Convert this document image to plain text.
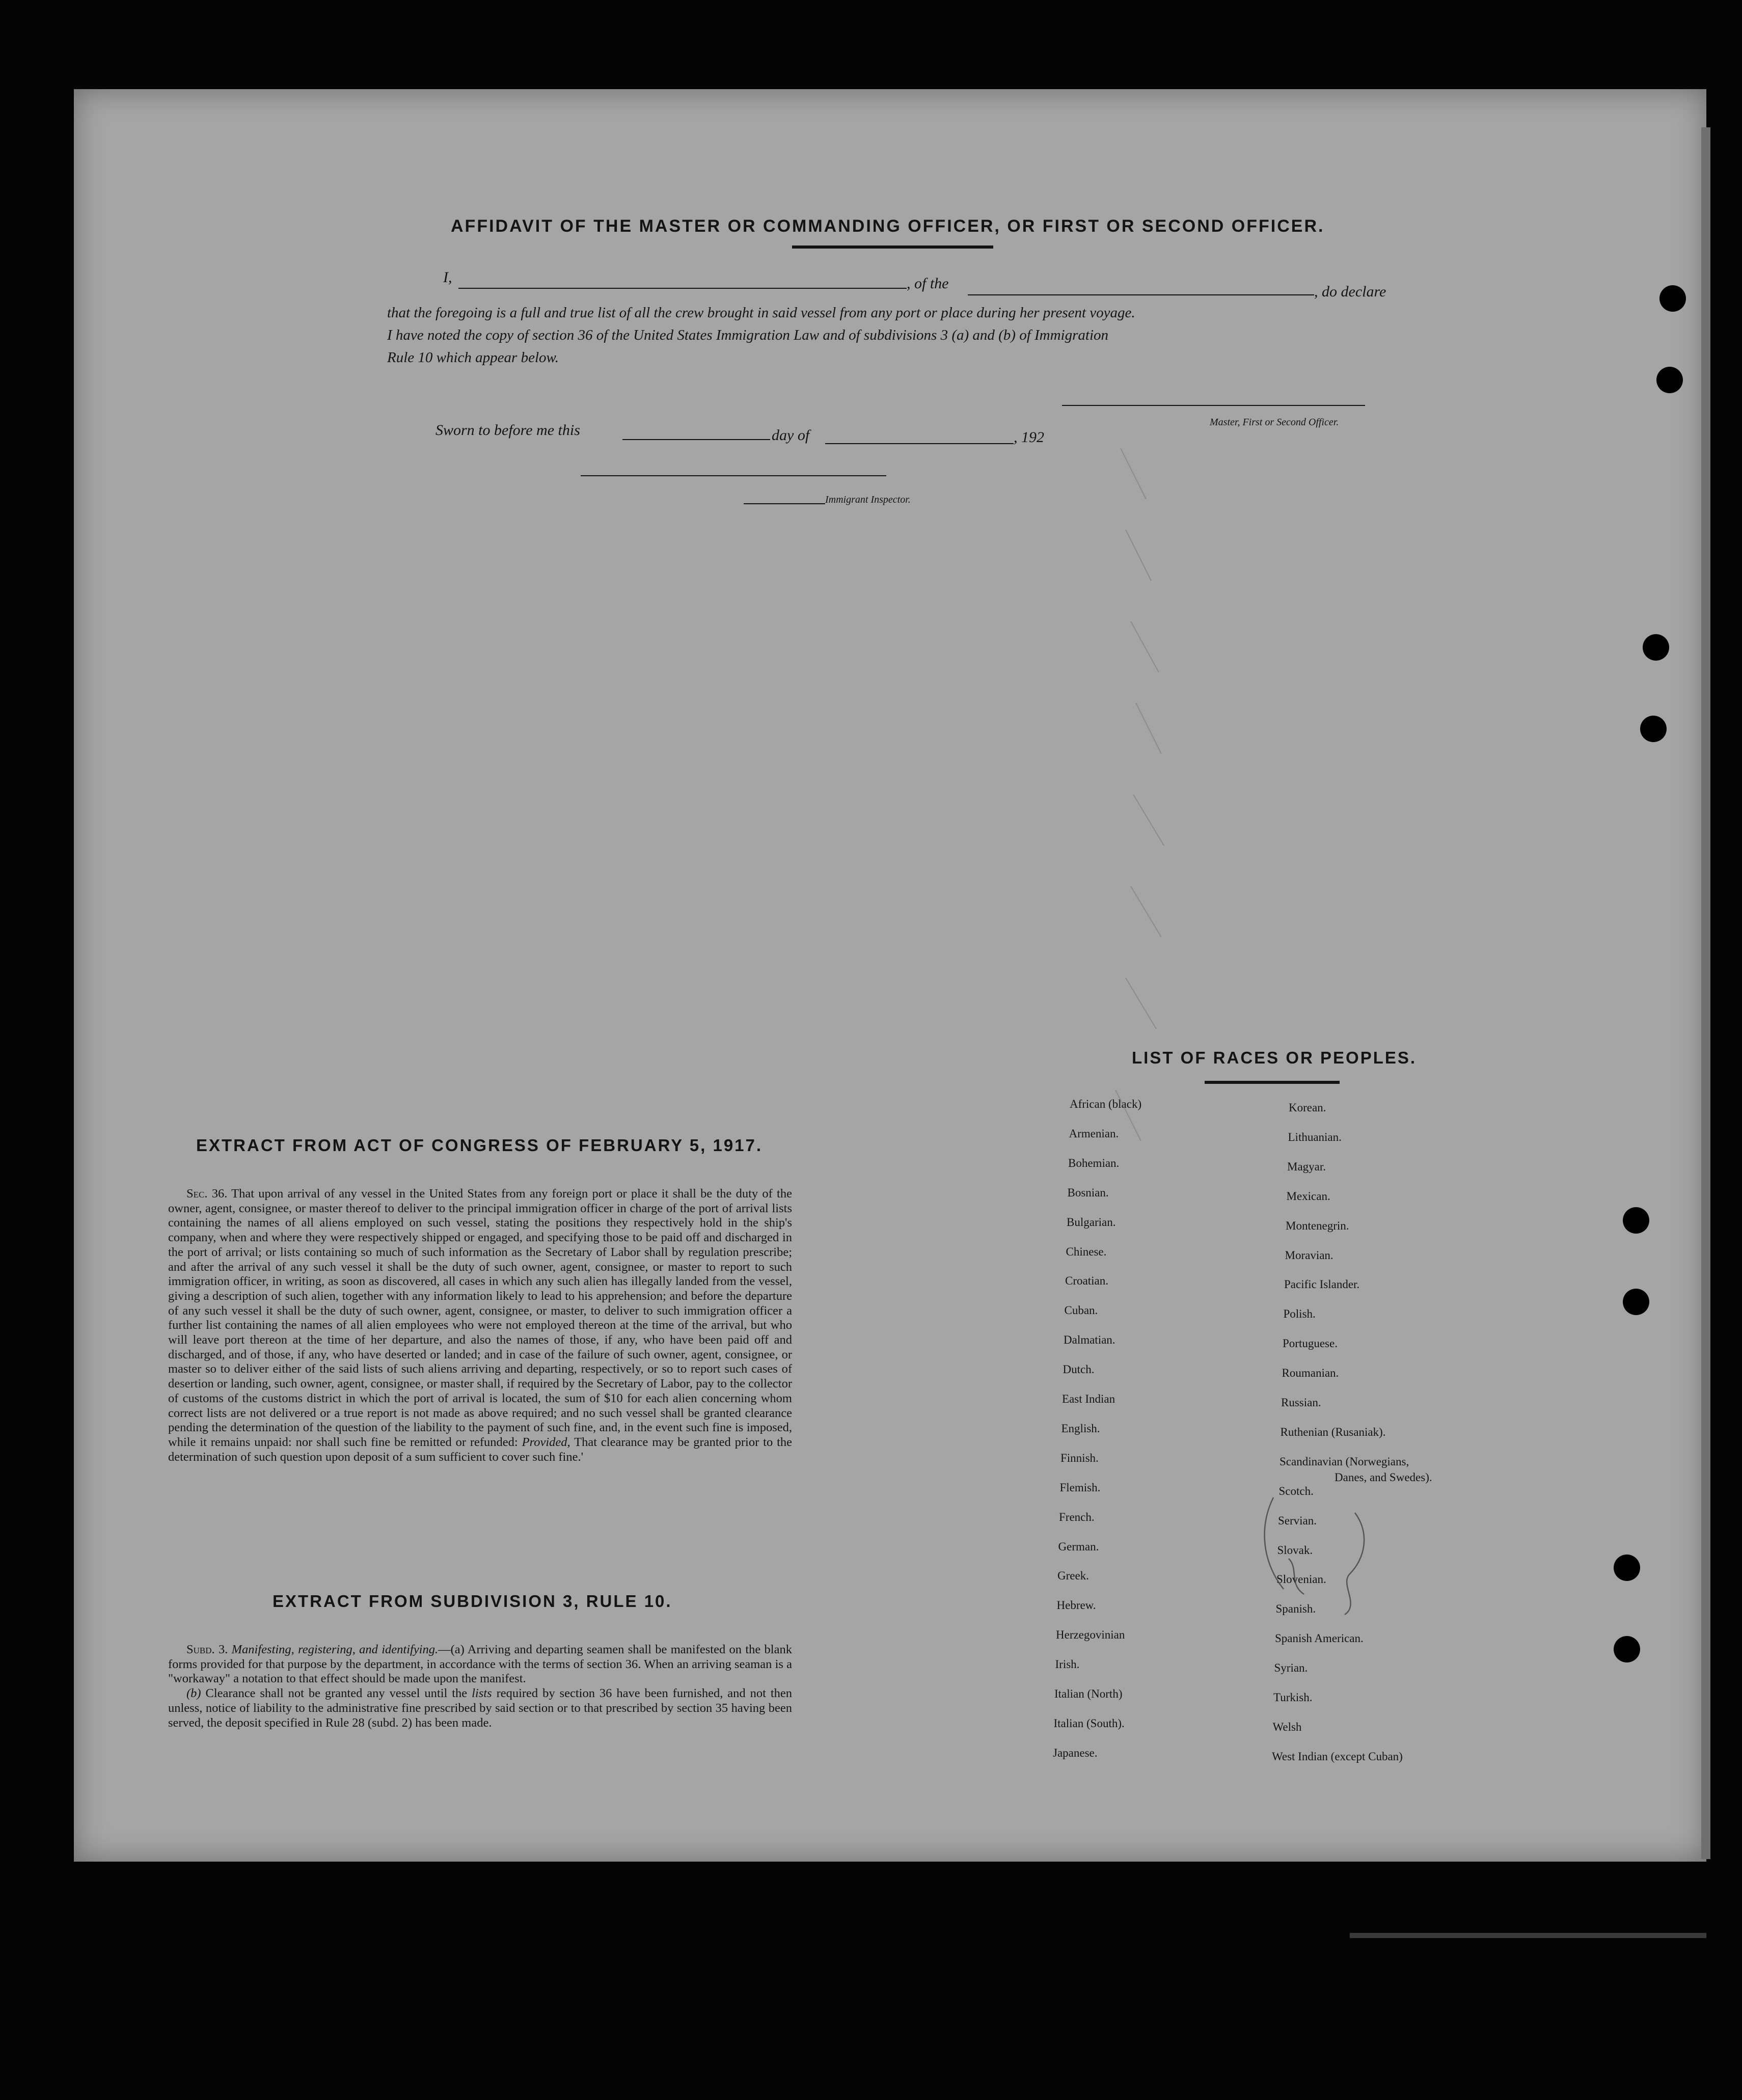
AFFIDAVIT OF THE MASTER OR COMMANDING OFFICER, OR FIRST OR SECOND OFFICER.
I,	, of the	, do declare
that the foregoing is a full and true list of all the crew brought in said vessel from any port or place during her present voyage.
I have noted the copy of section 36 of the United States Immigration Law and of subdivisions 3 (a) and (b) of Immigration
Rule 10 which appear below.
Master, First or Second Officer.
Sworn to before me this	day of	, 192
Immigrant Inspector.
EXTRACT FROM ACT OF CONGRESS OF FEBRUARY 5, 1917.

Sec. 36. That upon arrival of any vessel in the United States from any foreign port or place it shall be the duty of the owner, agent, consignee, or master thereof to deliver to the principal immigration officer in charge of the port of arrival lists containing the names of all aliens employed on such vessel, stating the positions they respectively hold in the ship's company, when and where they were respectively shipped or engaged, and specifying those to be paid off and discharged in the port of arrival; or lists containing so much of such information as the Secretary of Labor shall by regulation prescribe; and after the arrival of any such vessel it shall be the duty of such owner, agent, consignee, or master to report to such immigration officer, in writing, as soon as discovered, all cases in which any such alien has illegally landed from the vessel, giving a description of such alien, together with any information likely to lead to his apprehension; and before the departure of any such vessel it shall be the duty of such owner, agent, consignee, or master, to deliver to such immigration officer a further list containing the names of all alien employees who were not employed thereon at the time of the arrival, but who will leave port thereon at the time of her departure, and also the names of those, if any, who have been paid off and discharged, and of those, if any, who have deserted or landed; and in case of the failure of such owner, agent, consignee, or master so to deliver either of the said lists of such aliens arriving and departing, respectively, or so to report such cases of desertion or landing, such owner, agent, consignee, or master shall, if required by the Secretary of Labor, pay to the collector of customs of the customs district in which the port of arrival is located, the sum of $10 for each alien concerning whom correct lists are not delivered or a true report is not made as above required; and no such vessel shall be granted clearance pending the determination of the question of the liability to the payment of such fine, and, in the event such fine is imposed, while it remains unpaid: nor shall such fine be remitted or refunded: Provided, That clearance may be granted prior to the determination of such question upon deposit of a sum sufficient to cover such fine.'

EXTRACT FROM SUBDIVISION 3, RULE 10.

Subd. 3. Manifesting, registering, and identifying.—(a) Arriving and departing seamen shall be manifested on the blank forms provided for that purpose by the department, in accordance with the terms of section 36. When an arriving seaman is a "workaway" a notation to that effect should be made upon the manifest.

(b) Clearance shall not be granted any vessel until the lists required by section 36 have been furnished, and not then unless, notice of liability to the administrative fine prescribed by said section or to that prescribed by section 35 having been served, the deposit specified in Rule 28 (subd. 2) has been made.

LIST OF RACES OR PEOPLES.
African (black)
Armenian.
Bohemian.
Bosnian.
Bulgarian.
Chinese.
Croatian.
Cuban.
Dalmatian.
Dutch.
East Indian
English.
Finnish.
Flemish.
French.
German.
Greek.
Hebrew.
Herzegovinian
Irish.
Italian (North)
Italian (South).
Japanese.
Korean.
Lithuanian.
Magyar.
Mexican.
Montenegrin.
Moravian.
Pacific Islander.
Polish.
Portuguese.
Roumanian.
Russian.
Ruthenian (Rusaniak).
Scandinavian (Norwegians,
Scotch.
Servian.
Slovak.
Slovenian.
Spanish.
Spanish American.
Syrian.
Turkish.
Welsh
West Indian (except Cuban)
Danes, and Swedes).
